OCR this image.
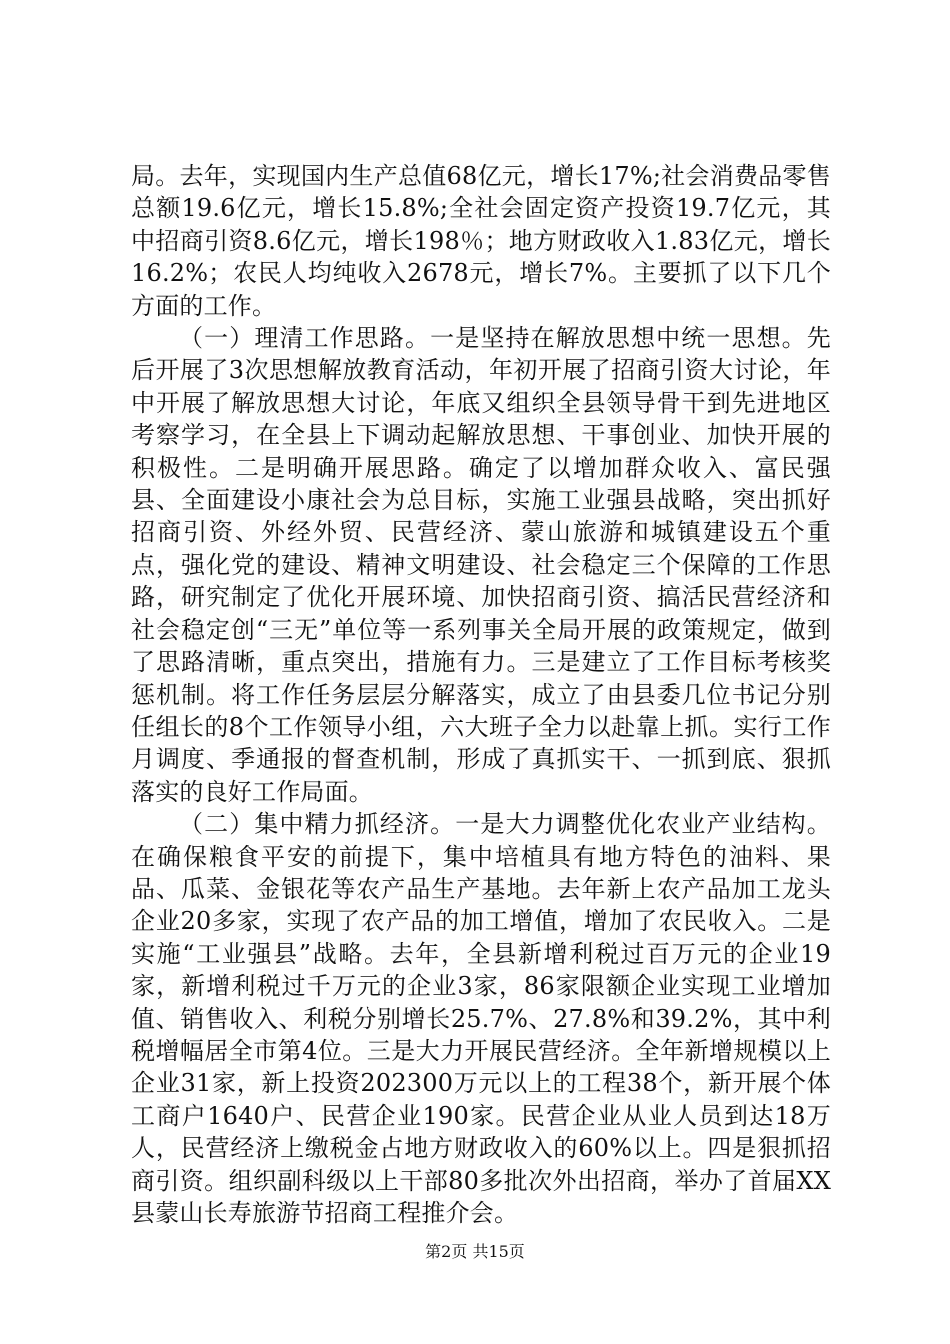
局。去年，实现国内生产总值68亿元，增长17%;社会消费品零售总额19.6亿元，增长15.8%;全社会固定资产投资19.7亿元，其中招商引资8.6亿元，增长198％；地方财政收入1.83亿元，增长16.2%；农民人均纯收入2678元，增长7%。主要抓了以下几个方面的工作。

（一）理清工作思路。一是坚持在解放思想中统一思想。先后开展了3次思想解放教育活动，年初开展了招商引资大讨论，年中开展了解放思想大讨论，年底又组织全县领导骨干到先进地区考察学习，在全县上下调动起解放思想、干事创业、加快开展的积极性。二是明确开展思路。确定了以增加群众收入、富民强县、全面建设小康社会为总目标，实施工业强县战略，突出抓好招商引资、外经外贸、民营经济、蒙山旅游和城镇建设五个重点，强化党的建设、精神文明建设、社会稳定三个保障的工作思路，研究制定了优化开展环境、加快招商引资、搞活民营经济和社会稳定创“三无”单位等一系列事关全局开展的政策规定，做到了思路清晰，重点突出，措施有力。三是建立了工作目标考核奖惩机制。将工作任务层层分解落实，成立了由县委几位书记分别任组长的8个工作领导小组，六大班子全力以赴靠上抓。实行工作月调度、季通报的督查机制，形成了真抓实干、一抓到底、狠抓落实的良好工作局面。

（二）集中精力抓经济。一是大力调整优化农业产业结构。在确保粮食平安的前提下，集中培植具有地方特色的油料、果品、瓜菜、金银花等农产品生产基地。去年新上农产品加工龙头企业20多家，实现了农产品的加工增值，增加了农民收入。二是实施“工业强县”战略。去年，全县新增利税过百万元的企业19家，新增利税过千万元的企业3家，86家限额企业实现工业增加值、销售收入、利税分别增长25.7%、27.8%和39.2%，其中利税增幅居全市第4位。三是大力开展民营经济。全年新增规模以上企业31家，新上投资202300万元以上的工程38个，新开展个体工商户1640户、民营企业190家。民营企业从业人员到达18万人，民营经济上缴税金占地方财政收入的60%以上。四是狠抓招商引资。组织副科级以上干部80多批次外出招商，举办了首届XX县蒙山长寿旅游节招商工程推介会。

第2页 共15页
